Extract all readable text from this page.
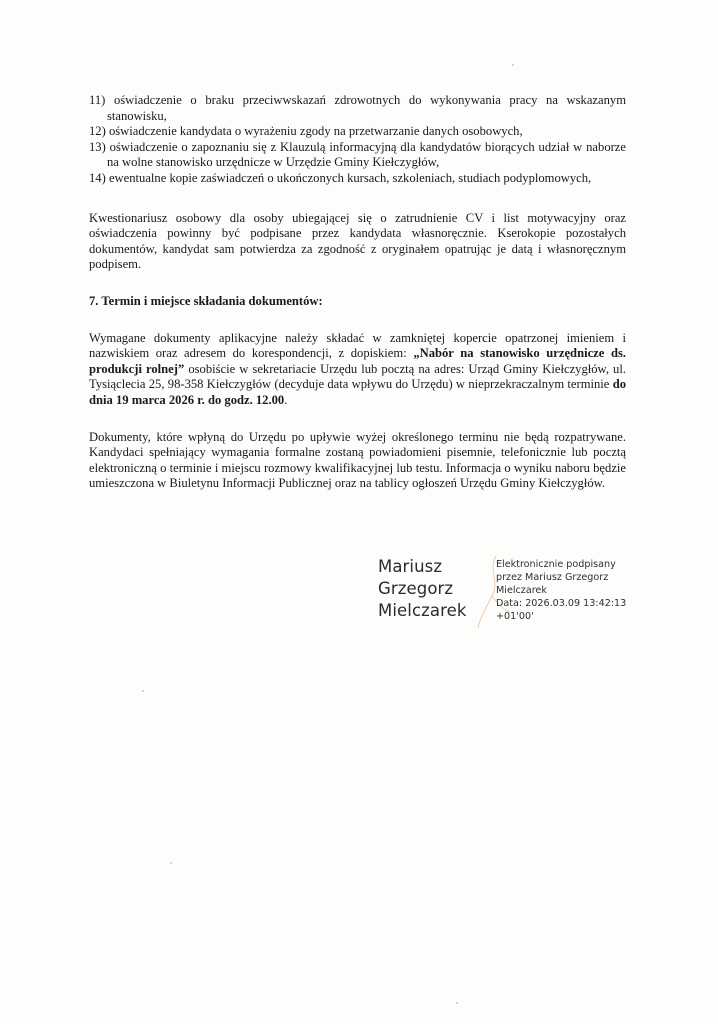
11) oświadczenie o braku przeciwwskazań zdrowotnych do wykonywania pracy na wskazanym stanowisku,
12) oświadczenie kandydata o wyrażeniu zgody na przetwarzanie danych osobowych,
13) oświadczenie o zapoznaniu się z Klauzulą informacyjną dla kandydatów biorących udział w naborze na wolne stanowisko urzędnicze w Urzędzie Gminy Kiełczygłów,
14) ewentualne kopie zaświadczeń o ukończonych kursach, szkoleniach, studiach podyplomowych,

Kwestionariusz osobowy dla osoby ubiegającej się o zatrudnienie CV i list motywacyjny oraz oświadczenia powinny być podpisane przez kandydata własnoręcznie. Kserokopie pozostałych dokumentów, kandydat sam potwierdza za zgodność z oryginałem opatrując je datą i własnoręcznym podpisem.

7. Termin i miejsce składania dokumentów:

Wymagane dokumenty aplikacyjne należy składać w zamkniętej kopercie opatrzonej imieniem i nazwiskiem oraz adresem do korespondencji, z dopiskiem: „Nabór na stanowisko urzędnicze ds. produkcji rolnej” osobiście w sekretariacie Urzędu lub pocztą na adres: Urząd Gminy Kiełczygłów, ul. Tysiąclecia 25, 98-358 Kiełczygłów (decyduje data wpływu do Urzędu) w nieprzekraczalnym terminie do dnia 19 marca 2026 r. do godz. 12.00.

Dokumenty, które wpłyną do Urzędu po upływie wyżej określonego terminu nie będą rozpatrywane. Kandydaci spełniający wymagania formalne zostaną powiadomieni pisemnie, telefonicznie lub pocztą elektroniczną o terminie i miejscu rozmowy kwalifikacyjnej lub testu. Informacja o wyniku naboru będzie umieszczona w Biuletynu Informacji Publicznej oraz na tablicy ogłoszeń Urzędu Gminy Kiełczygłów.

Mariusz
Grzegorz
Mielczarek
Elektronicznie podpisany
przez Mariusz Grzegorz
Mielczarek
Data: 2026.03.09 13:42:13
+01'00'
